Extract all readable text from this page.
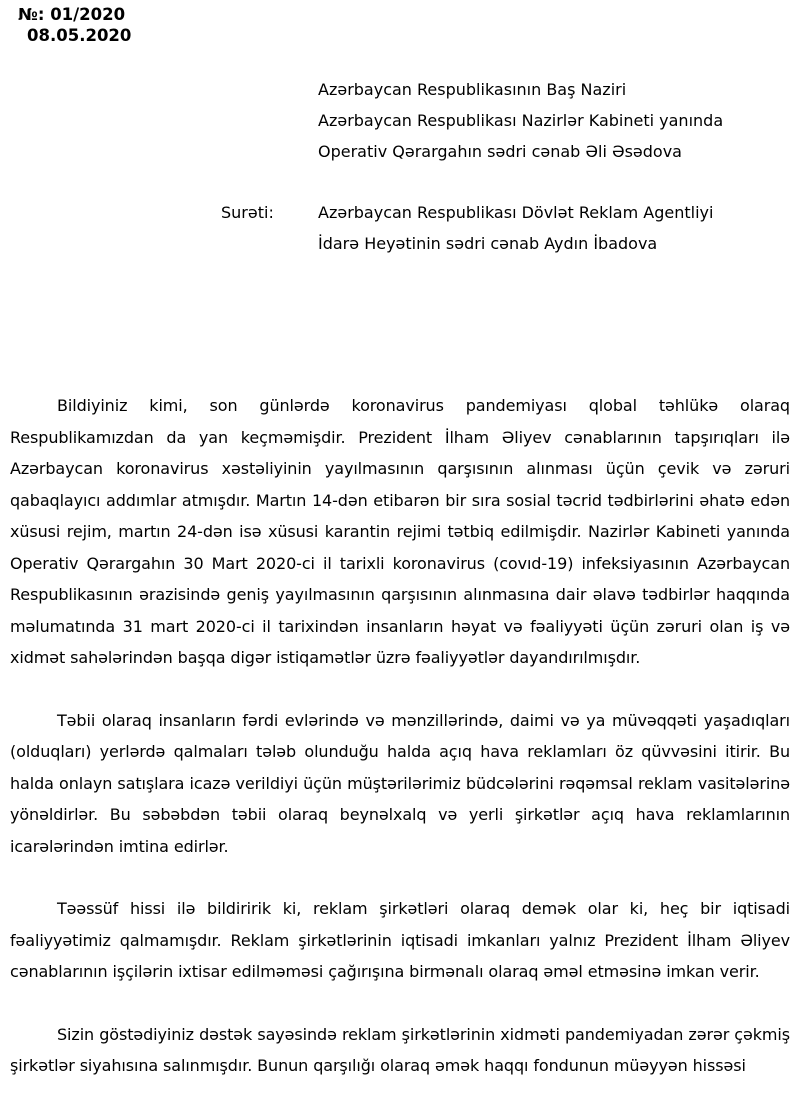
№: 01/2020
08.05.2020
Azərbaycan Respublikasının Baş Naziri
Azərbaycan Respublikası Nazirlər Kabineti yanında
Operativ Qərargahın sədri cənab Əli Əsədova
Surəti:	Azərbaycan Respublikası Dövlət Reklam Agentliyi
İdarə Heyətinin sədri cənab Aydın İbadova

Bildiyiniz kimi, son günlərdə koronavirus pandemiyası qlobal təhlükə olaraq Respublikamızdan da yan keçməmişdir. Prezident İlham Əliyev cənablarının tapşırıqları ilə Azərbaycan koronavirus xəstəliyinin yayılmasının qarşısının alınması üçün çevik və zəruri qabaqlayıcı addımlar atmışdır. Martın 14-dən etibarən bir sıra sosial təcrid tədbirlərini əhatə edən xüsusi rejim, martın 24-dən isə xüsusi karantin rejimi tətbiq edilmişdir. Nazirlər Kabineti yanında Operativ Qərargahın 30 Mart 2020-ci il tarixli koronavirus (covıd-19) infeksiyasının Azərbaycan Respublikasının ərazisində geniş yayılmasının qarşısının alınmasına dair əlavə tədbirlər haqqında məlumatında 31 mart 2020-ci il tarixindən insanların həyat və fəaliyyəti üçün zəruri olan iş və xidmət sahələrindən başqa digər istiqamətlər üzrə fəaliyyətlər dayandırılmışdır.

Təbii olaraq insanların fərdi evlərində və mənzillərində, daimi və ya müvəqqəti yaşadıqları (olduqları) yerlərdə qalmaları tələb olunduğu halda açıq hava reklamları öz qüvvəsini itirir. Bu halda onlayn satışlara icazə verildiyi üçün müştərilərimiz büdcələrini rəqəmsal reklam vasitələrinə yönəldirlər. Bu səbəbdən təbii olaraq beynəlxalq və yerli şirkətlər açıq hava reklamlarının icarələrindən imtina edirlər.

Təəssüf hissi ilə bildiririk ki, reklam şirkətləri olaraq demək olar ki, heç bir iqtisadi fəaliyyətimiz qalmamışdır. Reklam şirkətlərinin iqtisadi imkanları yalnız Prezident İlham Əliyev cənablarının işçilərin ixtisar edilməməsi çağırışına birmənalı olaraq əməl etməsinə imkan verir.

Sizin göstədiyiniz dəstək sayəsində reklam şirkətlərinin xidməti pandemiyadan zərər çəkmiş şirkətlər siyahısına salınmışdır. Bunun qarşılığı olaraq əmək haqqı fondunun müəyyən hissəsi
